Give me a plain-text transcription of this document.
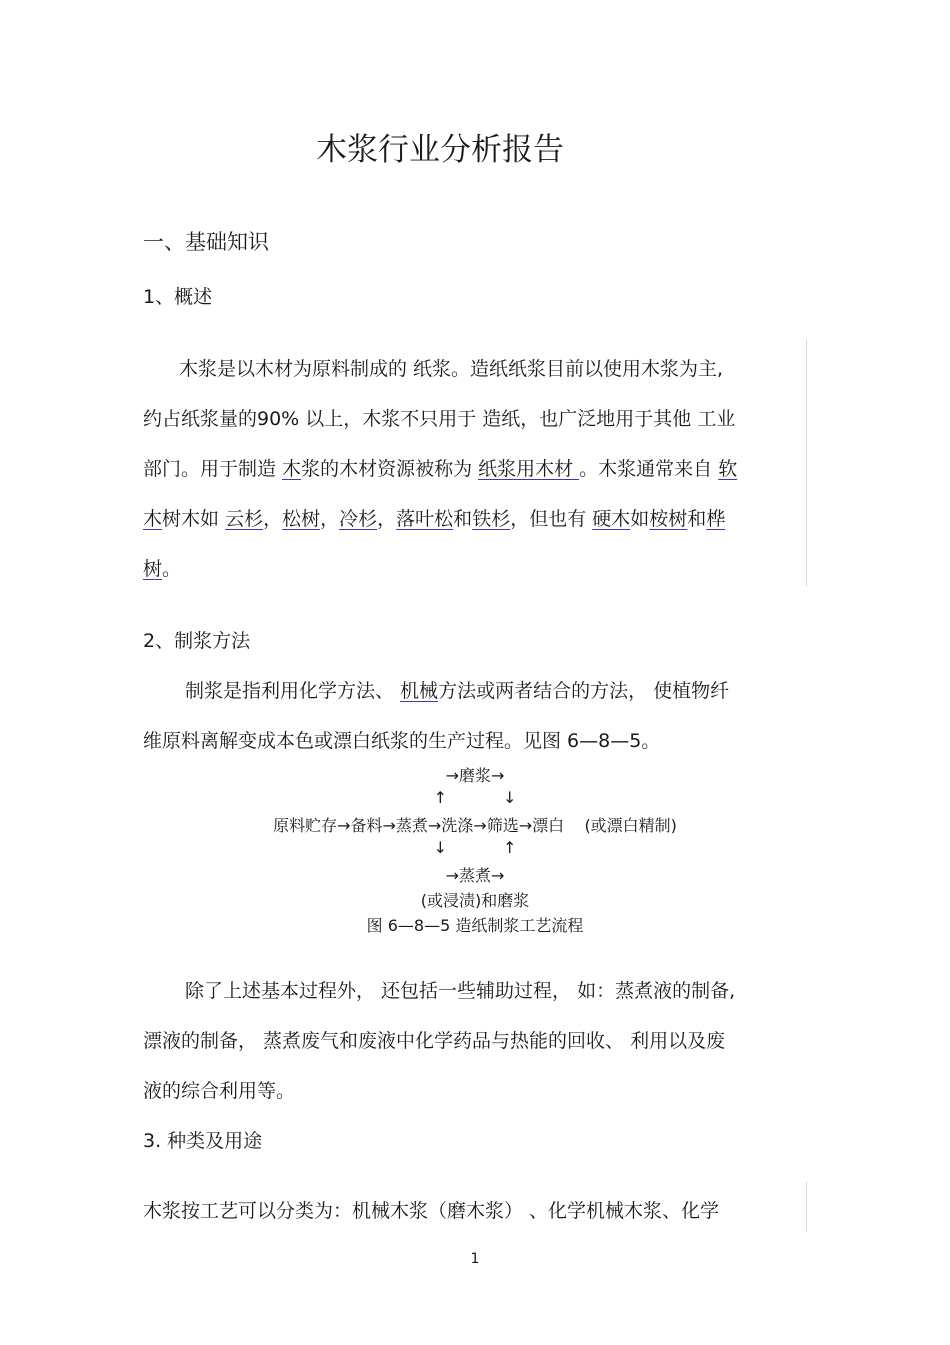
木浆行业分析报告
一、基础知识
1、概述
木浆是以木材为原料制成的 纸浆。造纸纸浆目前以使用木浆为主,
约占纸浆量的90% 以上，木浆不只用于 造纸，也广泛地用于其他 工业
部门。用于制造 木浆的木材资源被称为 纸浆用木材 。木浆通常来自 软
木树木如 云杉，松树，冷杉，落叶松和铁杉，但也有 硬木如桉树和桦
树。
2、制浆方法
制浆是指利用化学方法、 机械方法或两者结合的方法， 使植物纤
维原料离解变成本色或漂白纸浆的生产过程。见图 6—8—5。
→磨浆→
↑           ↓
原料贮存→备料→蒸煮→洗涤→筛选→漂白    (或漂白精制)
↓           ↑
→蒸煮→
(或浸渍)和磨浆
图 6—8—5 造纸制浆工艺流程
除了上述基本过程外， 还包括一些辅助过程， 如：蒸煮液的制备,
漂液的制备， 蒸煮废气和废液中化学药品与热能的回收、 利用以及废
液的综合利用等。
3. 种类及用途
木浆按工艺可以分类为：机械木浆（磨木浆） 、化学机械木浆、化学
1
